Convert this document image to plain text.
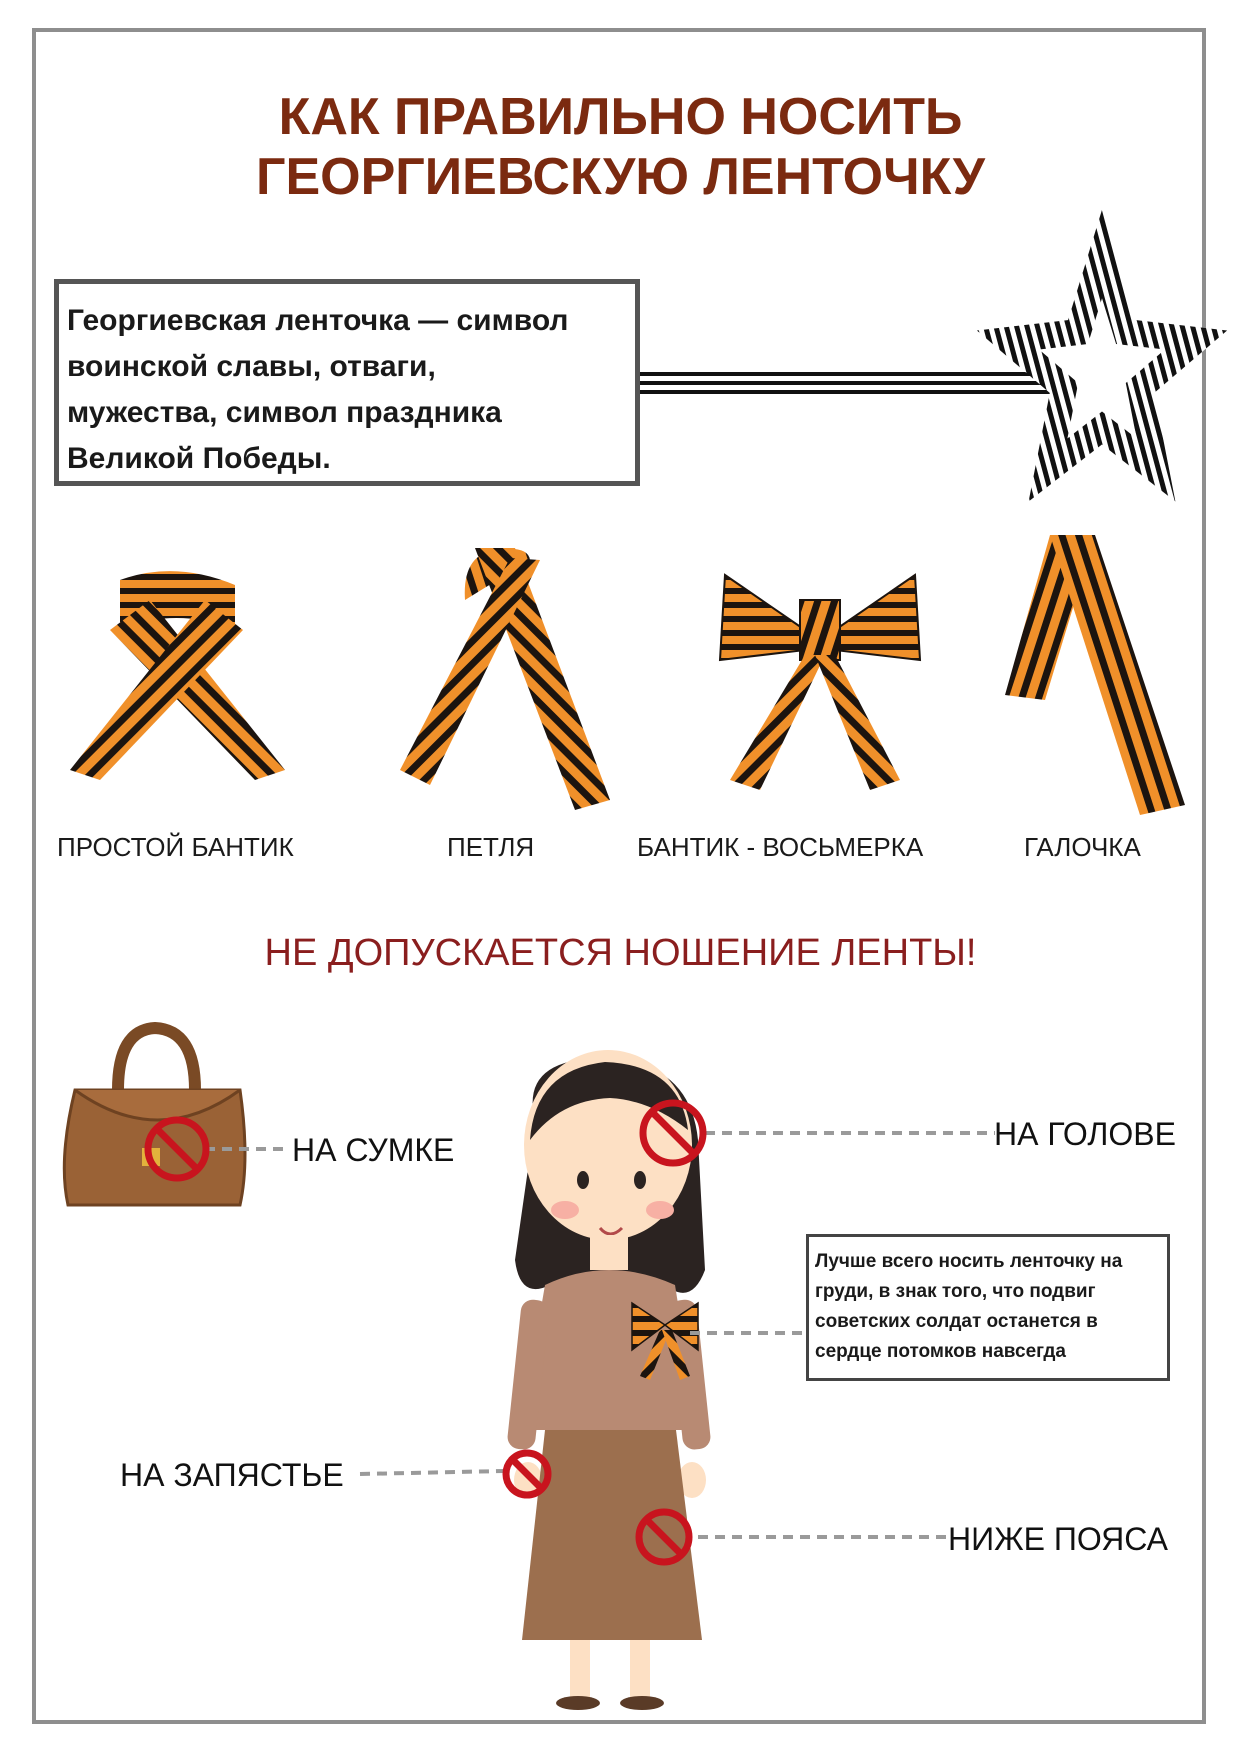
КАК ПРАВИЛЬНО НОСИТЬ
ГЕОРГИЕВСКУЮ ЛЕНТОЧКУ
Георгиевская ленточка — символ
воинской славы, отваги,
мужества, символ праздника
Великой Победы.
ПРОСТОЙ БАНТИК	ПЕТЛЯ	БАНТИК - ВОСЬМЕРКА	ГАЛОЧКА
НЕ ДОПУСКАЕТСЯ НОШЕНИЕ ЛЕНТЫ!
НА СУМКЕ	НА ГОЛОВЕ
НА ЗАПЯСТЬЕ
НИЖЕ ПОЯСА
Лучше всего носить ленточку на
груди, в знак того, что подвиг
советских солдат останется в
сердце потомков навсегда
